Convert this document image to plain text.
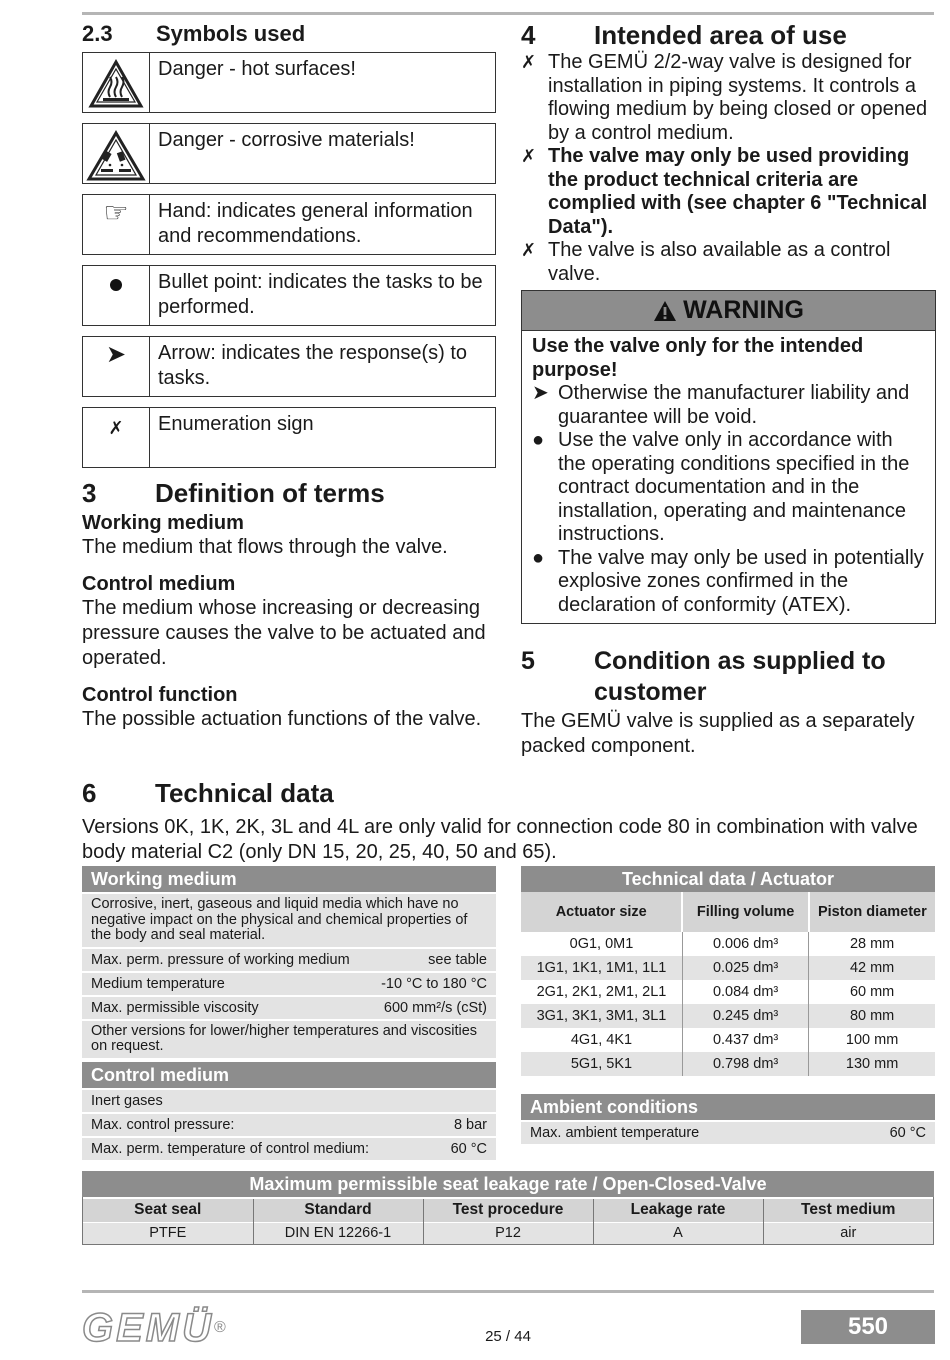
2.3	Symbols used
Danger - hot surfaces!
Danger - corrosive materials!
☞	Hand: indicates general information and recommendations.
Bullet point: indicates the tasks to be performed.
➤	Arrow: indicates the response(s) to tasks.
✗	Enumeration sign
3	Definition of terms
Working medium
The medium that flows through the valve.
Control medium
The medium whose increasing or decreasing pressure causes the valve to be actuated and operated.
Control function
The possible actuation functions of the valve.
4	Intended area of use
✗ The GEMÜ 2/2-way valve is designed for installation in piping systems. It controls a flowing medium by being closed or opened by a control medium.
✗ The valve may only be used providing the product technical criteria are complied with (see chapter 6 "Technical Data").
✗ The valve is also available as a control valve.
WARNING
Use the valve only for the intended purpose!
➤ Otherwise the manufacturer liability and guarantee will be void.
● Use the valve only in accordance with the operating conditions specified in the contract documentation and in the installation, operating and maintenance instructions.
● The valve may only be used in potentially explosive zones confirmed in the declaration of conformity (ATEX).
5	Condition as supplied to customer
The GEMÜ valve is supplied as a separately packed component.
6	Technical data
Versions 0K, 1K, 2K, 3L and 4L are only valid for connection code 80 in combination with valve body material C2 (only DN 15, 20, 25, 40, 50 and 65).
Working medium
Corrosive, inert, gaseous and liquid media which have no negative impact on the physical and chemical properties of the body and seal material.
Max. perm. pressure of working medium	see table
Medium temperature	-10 °C to 180 °C
Max. permissible viscosity	600 mm²/s (cSt)
Other versions for lower/higher temperatures and viscosities on request.
Control medium
Inert gases
Max. control pressure:	8 bar
Max. perm. temperature of control medium:	60 °C
Technical data / Actuator
Actuator size	Filling volume	Piston diameter
0G1, 0M1	0.006 dm³	28 mm
1G1, 1K1, 1M1, 1L1	0.025 dm³	42 mm
2G1, 2K1, 2M1, 2L1	0.084 dm³	60 mm
3G1, 3K1, 3M1, 3L1	0.245 dm³	80 mm
4G1, 4K1	0.437 dm³	100 mm
5G1, 5K1	0.798 dm³	130 mm
Ambient conditions
Max. ambient temperature	60 °C
Maximum permissible seat leakage rate / Open-Closed-Valve
Seat seal	Standard	Test procedure	Leakage rate	Test medium
PTFE	DIN EN 12266-1	P12	A	air
GEMÜ®
25 / 44	550
